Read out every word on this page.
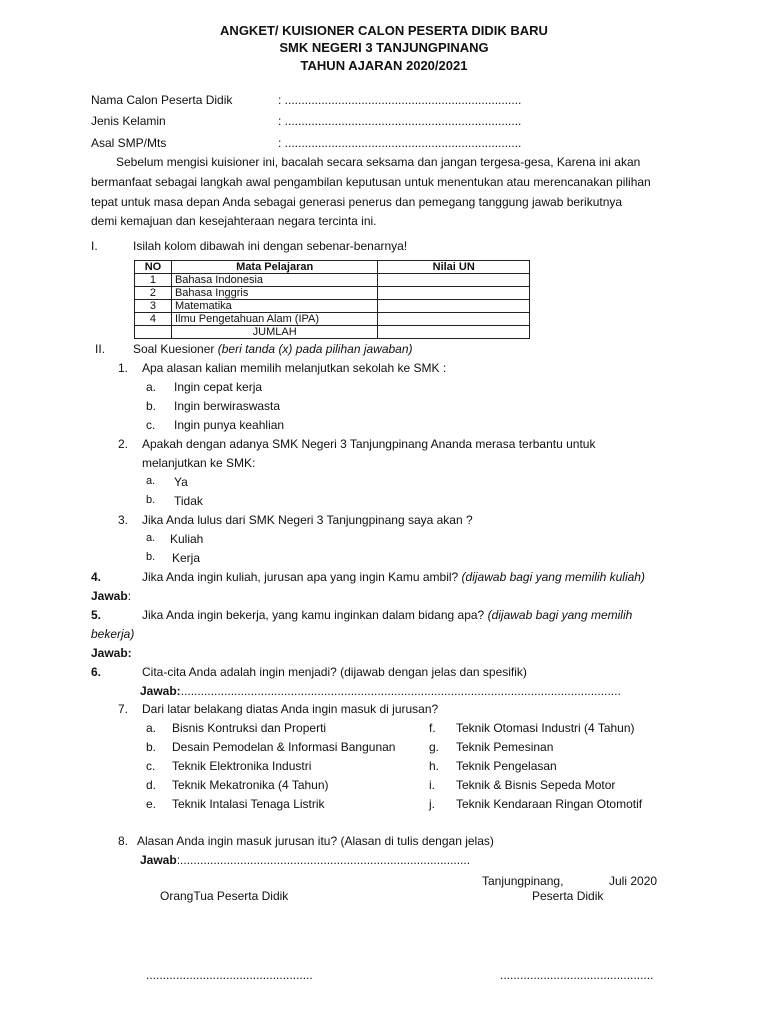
ANGKET/ KUISIONER CALON PESERTA DIDIK BARU
SMK NEGERI 3 TANJUNGPINANG
TAHUN AJARAN 2020/2021
Nama Calon Peserta Didik	: .......................................................................
Jenis Kelamin	: .......................................................................
Asal SMP/Mts	: .......................................................................
Sebelum mengisi kuisioner ini, bacalah secara seksama dan jangan tergesa-gesa, Karena ini akan
bermanfaat sebagai langkah awal pengambilan keputusan untuk menentukan atau merencanakan pilihan
tepat untuk masa depan Anda sebagai generasi penerus dan pemegang tanggung jawab berikutnya
demi kemajuan dan kesejahteraan negara tercinta ini.
I.	Isilah kolom dibawah ini dengan sebenar-benarnya!
NO	Mata Pelajaran	Nilai UN
1	Bahasa Indonesia	
2	Bahasa Inggris	
3	Matematika	
4	Ilmu Pengetahuan Alam (IPA)	
	JUMLAH	
II. Soal Kuesioner (beri tanda (x) pada pilihan jawaban)
1. Apa alasan kalian memilih melanjutkan sekolah ke SMK :
a. Ingin cepat kerja
b. Ingin berwiraswasta
c. Ingin punya keahlian
2. Apakah dengan adanya SMK Negeri 3 Tanjungpinang Ananda merasa terbantu untuk
melanjutkan ke SMK:
a. Ya
b. Tidak
3. Jika Anda lulus dari SMK Negeri 3 Tanjungpinang saya akan ?
a. Kuliah
b. Kerja
4.	Jika Anda ingin kuliah, jurusan apa yang ingin Kamu ambil? (dijawab bagi yang memilih kuliah)
Jawab:
5.	Jika Anda ingin bekerja, yang kamu inginkan dalam bidang apa? (dijawab bagi yang memilih
bekerja)
Jawab:
6.	Cita-cita Anda adalah ingin menjadi? (dijawab dengan jelas dan spesifik)
Jawab:....................................................................................................................................
7. Dari latar belakang diatas Anda ingin masuk di jurusan?
a. Bisnis Kontruksi dan Properti
b. Desain Pemodelan & Informasi Bangunan
c. Teknik Elektronika Industri
d. Teknik Mekatronika (4 Tahun)
e. Teknik Intalasi Tenaga Listrik
f. Teknik Otomasi Industri (4 Tahun)
g. Teknik Pemesinan
h. Teknik Pengelasan
i. Teknik & Bisnis Sepeda Motor
j. Teknik Kendaraan Ringan Otomotif
8. Alasan Anda ingin masuk jurusan itu? (Alasan di tulis dengan jelas)
Jawab:.......................................................................................
Tanjungpinang,	Juli 2020
OrangTua Peserta Didik	Peserta Didik
..................................................	..............................................
